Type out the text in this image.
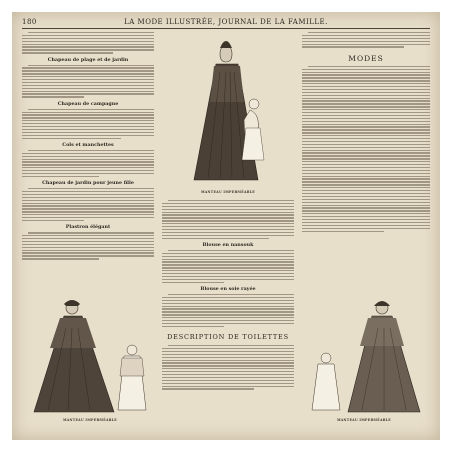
180	LA MODE ILLUSTRÉE, JOURNAL DE LA FAMILLE.
Chapeau de plage et de jardin
Chapeau de campagne
Cols et manchettes
Chapeau de jardin pour jeune fille
Plastron élégant
Blouse en nansouk
Blouse en soie rayée
DESCRIPTION DE TOILETTES
MODES
MANTEAU IMPERMÉABLE
MANTEAU IMPERMÉABLE	MANTEAU IMPERMÉABLE
